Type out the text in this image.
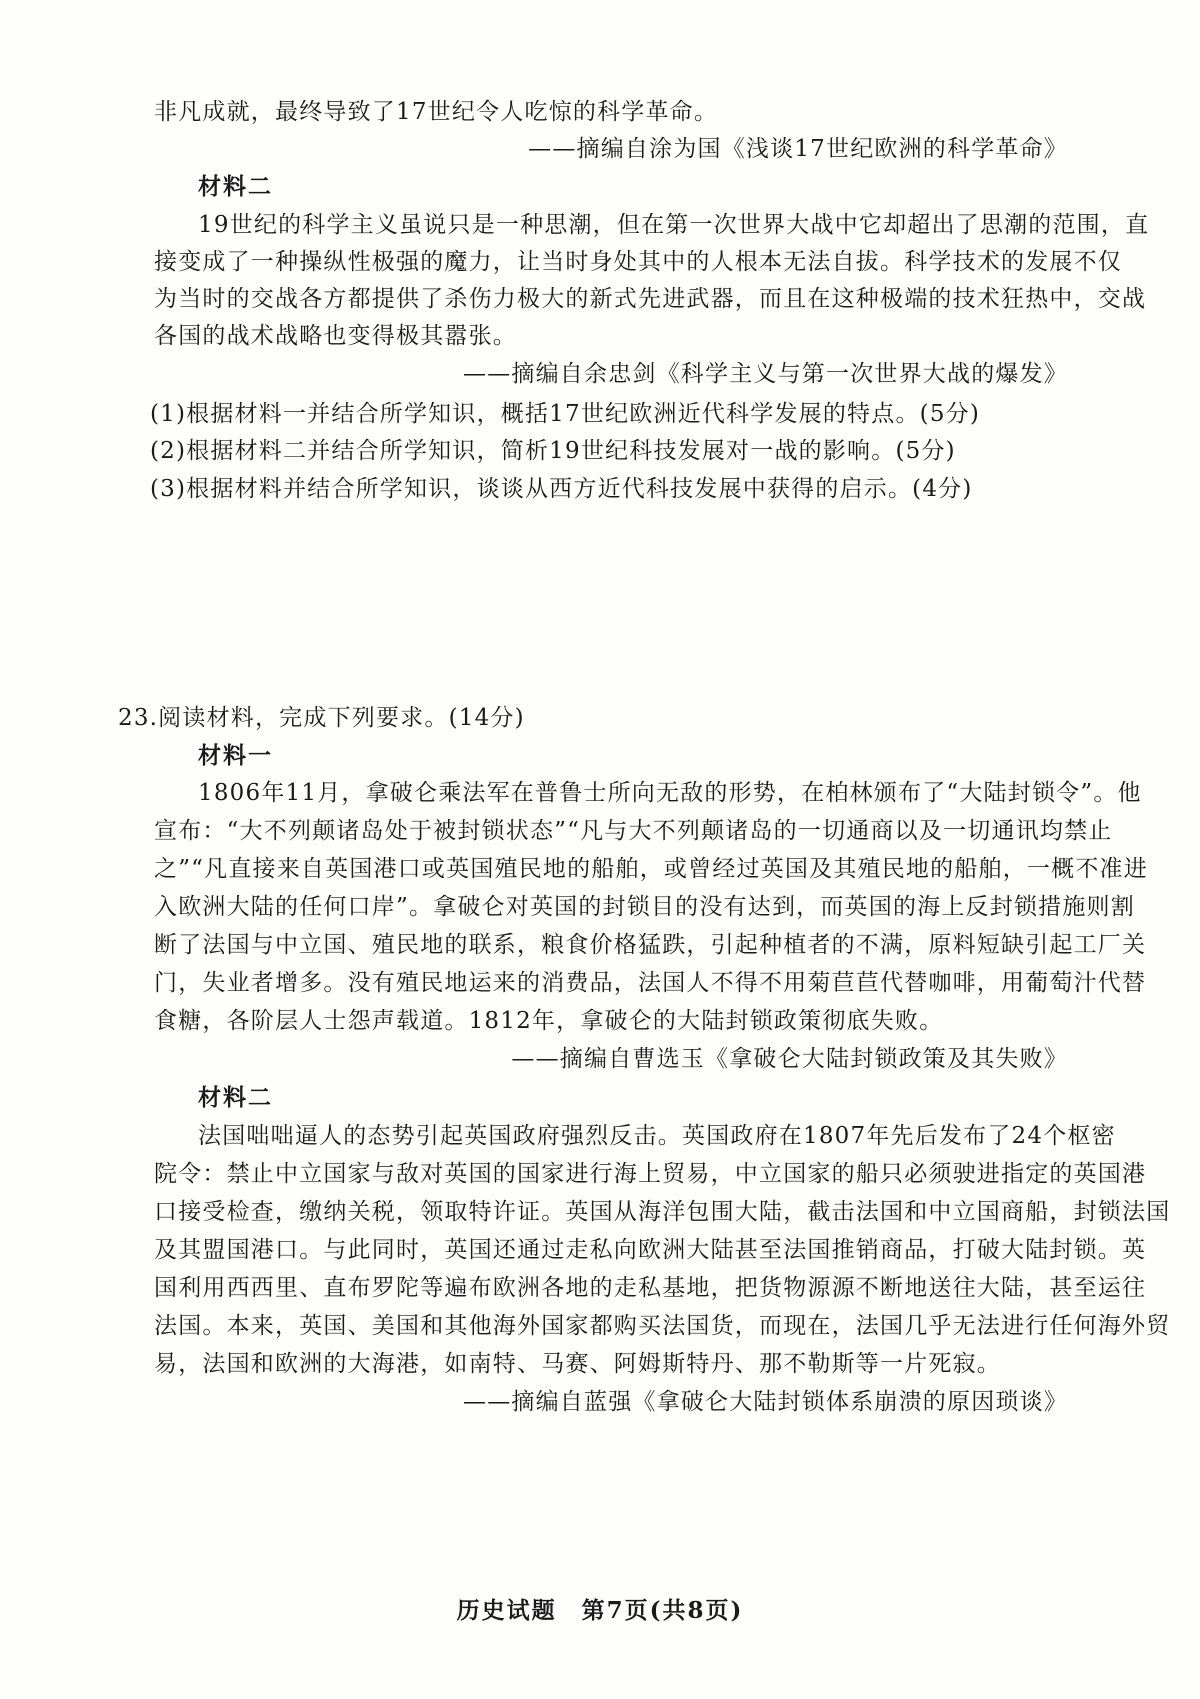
非凡成就，最终导致了17世纪令人吃惊的科学革命。
——摘编自涂为国《浅谈17世纪欧洲的科学革命》
材料二
19世纪的科学主义虽说只是一种思潮，但在第一次世界大战中它却超出了思潮的范围，直
接变成了一种操纵性极强的魔力，让当时身处其中的人根本无法自拔。科学技术的发展不仅
为当时的交战各方都提供了杀伤力极大的新式先进武器，而且在这种极端的技术狂热中，交战
各国的战术战略也变得极其嚣张。
——摘编自余忠剑《科学主义与第一次世界大战的爆发》
(1)根据材料一并结合所学知识，概括17世纪欧洲近代科学发展的特点。(5分)
(2)根据材料二并结合所学知识，简析19世纪科技发展对一战的影响。(5分)
(3)根据材料并结合所学知识，谈谈从西方近代科技发展中获得的启示。(4分)
23.阅读材料，完成下列要求。(14分)
材料一
1806年11月，拿破仑乘法军在普鲁士所向无敌的形势，在柏林颁布了“大陆封锁令”。他
宣布：“大不列颠诸岛处于被封锁状态”“凡与大不列颠诸岛的一切通商以及一切通讯均禁止
之”“凡直接来自英国港口或英国殖民地的船舶，或曾经过英国及其殖民地的船舶，一概不准进
入欧洲大陆的任何口岸”。拿破仑对英国的封锁目的没有达到，而英国的海上反封锁措施则割
断了法国与中立国、殖民地的联系，粮食价格猛跌，引起种植者的不满，原料短缺引起工厂关
门，失业者增多。没有殖民地运来的消费品，法国人不得不用菊苣苣代替咖啡，用葡萄汁代替
食糖，各阶层人士怨声载道。1812年，拿破仑的大陆封锁政策彻底失败。
——摘编自曹选玉《拿破仑大陆封锁政策及其失败》
材料二
法国咄咄逼人的态势引起英国政府强烈反击。英国政府在1807年先后发布了24个枢密
院令：禁止中立国家与敌对英国的国家进行海上贸易，中立国家的船只必须驶进指定的英国港
口接受检查，缴纳关税，领取特许证。英国从海洋包围大陆，截击法国和中立国商船，封锁法国
及其盟国港口。与此同时，英国还通过走私向欧洲大陆甚至法国推销商品，打破大陆封锁。英
国利用西西里、直布罗陀等遍布欧洲各地的走私基地，把货物源源不断地送往大陆，甚至运往
法国。本来，英国、美国和其他海外国家都购买法国货，而现在，法国几乎无法进行任何海外贸
易，法国和欧洲的大海港，如南特、马赛、阿姆斯特丹、那不勒斯等一片死寂。
——摘编自蓝强《拿破仑大陆封锁体系崩溃的原因琐谈》
历史试题　第7页(共8页)
